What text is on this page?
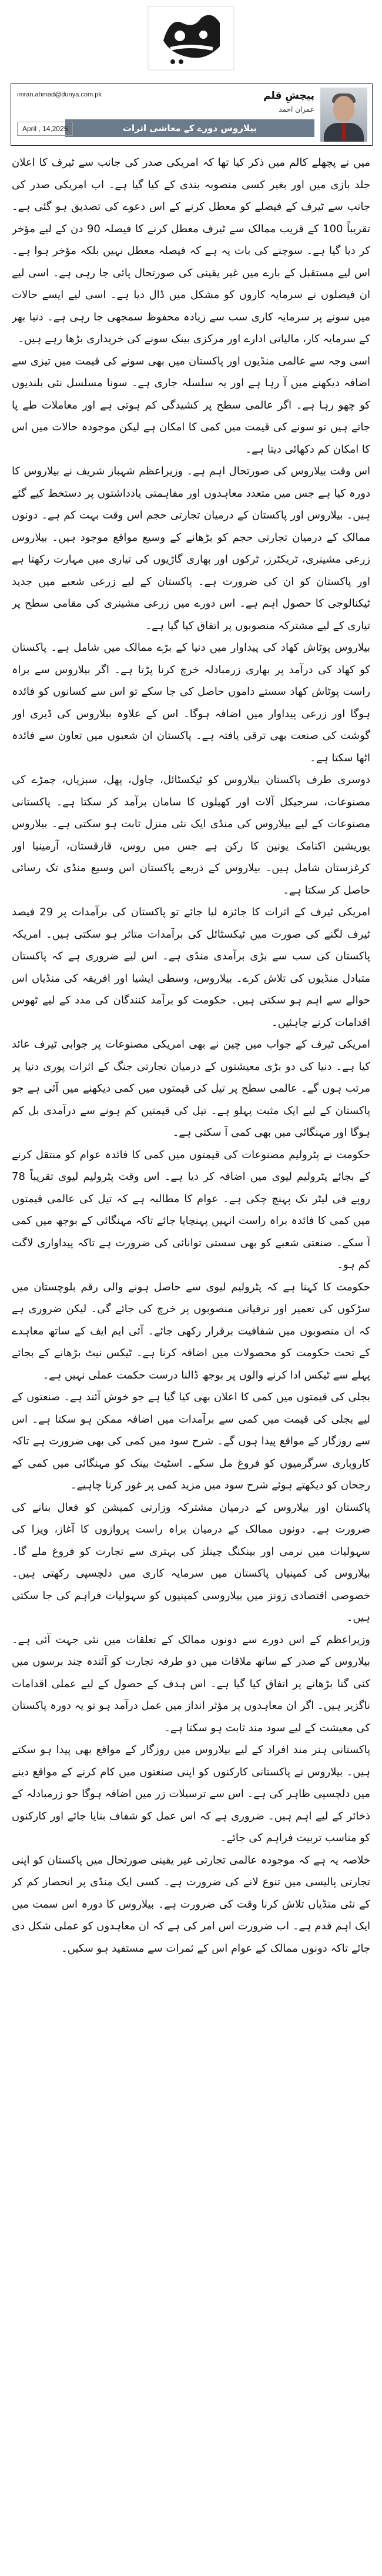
پیچشِ قلم
عمران احمد
بیلاروس دورے کے معاشی اثرات
imran.ahmad@dunya.com.pk
April , 14,2025

میں نے پچھلے کالم میں ذکر کیا تھا کہ امریکی صدر کی جانب سے ٹیرف کا اعلان جلد بازی میں اور بغیر کسی منصوبہ بندی کے کیا گیا ہے۔ اب امریکی صدر کی جانب سے ٹیرف کے فیصلے کو معطل کرنے کے اس دعوے کی تصدیق ہو گئی ہے۔ تقریباً 100 کے قریب ممالک سے ٹیرف معطل کرنے کا فیصلہ 90 دن کے لیے مؤخر کر دیا گیا ہے۔ سوچنے کی بات یہ ہے کہ فیصلہ معطل نہیں بلکہ مؤخر ہوا ہے۔ اس لیے مستقبل کے بارے میں غیر یقینی کی صورتحال پائی جا رہی ہے۔ اسی لیے ان فیصلوں نے سرمایہ کاروں کو مشکل میں ڈال دیا ہے۔ اسی لیے ایسے حالات میں سونے پر سرمایہ کاری سب سے زیادہ محفوظ سمجھی جا رہی ہے۔ دنیا بھر کے سرمایہ کار، مالیاتی ادارے اور مرکزی بینک سونے کی خریداری بڑھا رہے ہیں۔

اسی وجہ سے عالمی منڈیوں اور پاکستان میں بھی سونے کی قیمت میں تیزی سے اضافہ دیکھنے میں آ رہا ہے اور یہ سلسلہ جاری ہے۔ سونا مسلسل نئی بلندیوں کو چھو رہا ہے۔ اگر عالمی سطح پر کشیدگی کم ہوتی ہے اور معاملات طے پا جاتے ہیں تو سونے کی قیمت میں کمی کا امکان ہے لیکن موجودہ حالات میں اس کا امکان کم دکھائی دیتا ہے۔

اس وقت بیلاروس کی صورتحال اہم ہے۔ وزیراعظم شہباز شریف نے بیلاروس کا دورہ کیا ہے جس میں متعدد معاہدوں اور مفاہمتی یادداشتوں پر دستخط کیے گئے ہیں۔ بیلاروس اور پاکستان کے درمیان تجارتی حجم اس وقت بہت کم ہے۔ دونوں ممالک کے درمیان تجارتی حجم کو بڑھانے کے وسیع مواقع موجود ہیں۔ بیلاروس زرعی مشینری، ٹریکٹرز، ٹرکوں اور بھاری گاڑیوں کی تیاری میں مہارت رکھتا ہے اور پاکستان کو ان کی ضرورت ہے۔ پاکستان کے لیے زرعی شعبے میں جدید ٹیکنالوجی کا حصول اہم ہے۔ اس دورے میں زرعی مشینری کی مقامی سطح پر تیاری کے لیے مشترکہ منصوبوں پر اتفاق کیا گیا ہے۔

بیلاروس پوٹاش کھاد کی پیداوار میں دنیا کے بڑے ممالک میں شامل ہے۔ پاکستان کو کھاد کی درآمد پر بھاری زرمبادلہ خرچ کرنا پڑتا ہے۔ اگر بیلاروس سے براہ راست پوٹاش کھاد سستے داموں حاصل کی جا سکے تو اس سے کسانوں کو فائدہ ہوگا اور زرعی پیداوار میں اضافہ ہوگا۔ اس کے علاوہ بیلاروس کی ڈیری اور گوشت کی صنعت بھی ترقی یافتہ ہے۔ پاکستان ان شعبوں میں تعاون سے فائدہ اٹھا سکتا ہے۔

دوسری طرف پاکستان بیلاروس کو ٹیکسٹائل، چاول، پھل، سبزیاں، چمڑے کی مصنوعات، سرجیکل آلات اور کھیلوں کا سامان برآمد کر سکتا ہے۔ پاکستانی مصنوعات کے لیے بیلاروس کی منڈی ایک نئی منزل ثابت ہو سکتی ہے۔ بیلاروس یوریشین اکنامک یونین کا رکن ہے جس میں روس، قازقستان، آرمینیا اور کرغزستان شامل ہیں۔ بیلاروس کے ذریعے پاکستان اس وسیع منڈی تک رسائی حاصل کر سکتا ہے۔

امریکی ٹیرف کے اثرات کا جائزہ لیا جائے تو پاکستان کی برآمدات پر 29 فیصد ٹیرف لگنے کی صورت میں ٹیکسٹائل کی برآمدات متاثر ہو سکتی ہیں۔ امریکہ پاکستان کی سب سے بڑی برآمدی منڈی ہے۔ اس لیے ضروری ہے کہ پاکستان متبادل منڈیوں کی تلاش کرے۔ بیلاروس، وسطی ایشیا اور افریقہ کی منڈیاں اس حوالے سے اہم ہو سکتی ہیں۔ حکومت کو برآمد کنندگان کی مدد کے لیے ٹھوس اقدامات کرنے چاہئیں۔

امریکی ٹیرف کے جواب میں چین نے بھی امریکی مصنوعات پر جوابی ٹیرف عائد کیا ہے۔ دنیا کی دو بڑی معیشتوں کے درمیان تجارتی جنگ کے اثرات پوری دنیا پر مرتب ہوں گے۔ عالمی سطح پر تیل کی قیمتوں میں کمی دیکھنے میں آئی ہے جو پاکستان کے لیے ایک مثبت پہلو ہے۔ تیل کی قیمتیں کم ہونے سے درآمدی بل کم ہوگا اور مہنگائی میں بھی کمی آ سکتی ہے۔

حکومت نے پٹرولیم مصنوعات کی قیمتوں میں کمی کا فائدہ عوام کو منتقل کرنے کے بجائے پٹرولیم لیوی میں اضافہ کر دیا ہے۔ اس وقت پٹرولیم لیوی تقریباً 78 روپے فی لیٹر تک پہنچ چکی ہے۔ عوام کا مطالبہ ہے کہ تیل کی عالمی قیمتوں میں کمی کا فائدہ براہ راست انہیں پہنچایا جائے تاکہ مہنگائی کے بوجھ میں کمی آ سکے۔ صنعتی شعبے کو بھی سستی توانائی کی ضرورت ہے تاکہ پیداواری لاگت کم ہو۔

حکومت کا کہنا ہے کہ پٹرولیم لیوی سے حاصل ہونے والی رقم بلوچستان میں سڑکوں کی تعمیر اور ترقیاتی منصوبوں پر خرچ کی جائے گی۔ لیکن ضروری ہے کہ ان منصوبوں میں شفافیت برقرار رکھی جائے۔ آئی ایم ایف کے ساتھ معاہدے کے تحت حکومت کو محصولات میں اضافہ کرنا ہے۔ ٹیکس نیٹ بڑھانے کے بجائے پہلے سے ٹیکس ادا کرنے والوں پر بوجھ ڈالنا درست حکمت عملی نہیں ہے۔

بجلی کی قیمتوں میں کمی کا اعلان بھی کیا گیا ہے جو خوش آئند ہے۔ صنعتوں کے لیے بجلی کی قیمت میں کمی سے برآمدات میں اضافہ ممکن ہو سکتا ہے۔ اس سے روزگار کے مواقع پیدا ہوں گے۔ شرح سود میں کمی کی بھی ضرورت ہے تاکہ کاروباری سرگرمیوں کو فروغ مل سکے۔ اسٹیٹ بینک کو مہنگائی میں کمی کے رجحان کو دیکھتے ہوئے شرح سود میں مزید کمی پر غور کرنا چاہیے۔

پاکستان اور بیلاروس کے درمیان مشترکہ وزارتی کمیشن کو فعال بنانے کی ضرورت ہے۔ دونوں ممالک کے درمیان براہ راست پروازوں کا آغاز، ویزا کی سہولیات میں نرمی اور بینکنگ چینلز کی بہتری سے تجارت کو فروغ ملے گا۔ بیلاروس کی کمپنیاں پاکستان میں سرمایہ کاری میں دلچسپی رکھتی ہیں۔ خصوصی اقتصادی زونز میں بیلاروسی کمپنیوں کو سہولیات فراہم کی جا سکتی ہیں۔

وزیراعظم کے اس دورے سے دونوں ممالک کے تعلقات میں نئی جہت آئی ہے۔ بیلاروس کے صدر کے ساتھ ملاقات میں دو طرفہ تجارت کو آئندہ چند برسوں میں کئی گنا بڑھانے پر اتفاق کیا گیا ہے۔ اس ہدف کے حصول کے لیے عملی اقدامات ناگزیر ہیں۔ اگر ان معاہدوں پر مؤثر انداز میں عمل درآمد ہو تو یہ دورہ پاکستان کی معیشت کے لیے سود مند ثابت ہو سکتا ہے۔

پاکستانی ہنر مند افراد کے لیے بیلاروس میں روزگار کے مواقع بھی پیدا ہو سکتے ہیں۔ بیلاروس نے پاکستانی کارکنوں کو اپنی صنعتوں میں کام کرنے کے مواقع دینے میں دلچسپی ظاہر کی ہے۔ اس سے ترسیلات زر میں اضافہ ہوگا جو زرمبادلہ کے ذخائر کے لیے اہم ہیں۔ ضروری ہے کہ اس عمل کو شفاف بنایا جائے اور کارکنوں کو مناسب تربیت فراہم کی جائے۔

خلاصہ یہ ہے کہ موجودہ عالمی تجارتی غیر یقینی صورتحال میں پاکستان کو اپنی تجارتی پالیسی میں تنوع لانے کی ضرورت ہے۔ کسی ایک منڈی پر انحصار کم کر کے نئی منڈیاں تلاش کرنا وقت کی ضرورت ہے۔ بیلاروس کا دورہ اس سمت میں ایک اہم قدم ہے۔ اب ضرورت اس امر کی ہے کہ ان معاہدوں کو عملی شکل دی جائے تاکہ دونوں ممالک کے عوام اس کے ثمرات سے مستفید ہو سکیں۔
